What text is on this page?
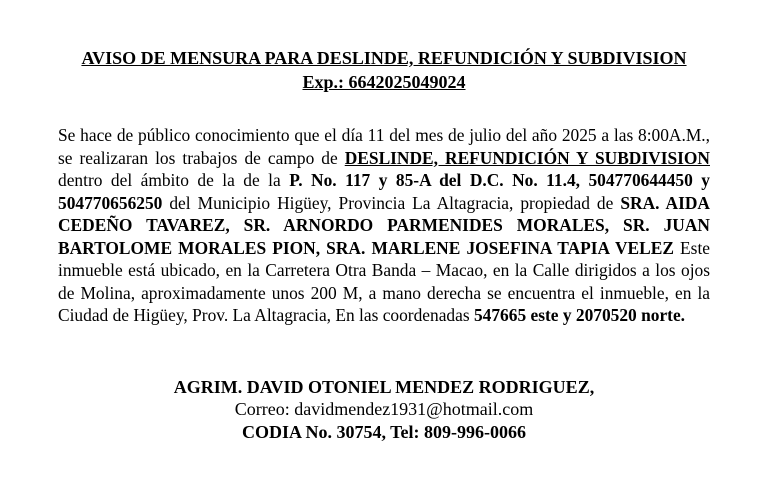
AVISO DE MENSURA PARA DESLINDE, REFUNDICIÓN Y SUBDIVISION
Exp.: 6642025049024
Se hace de público conocimiento que el día 11 del mes de julio del año 2025 a las 8:00A.M., se realizaran los trabajos de campo de DESLINDE, REFUNDICIÓN Y SUBDIVISION dentro del ámbito de la de la P. No. 117 y 85-A del D.C. No. 11.4, 504770644450 y 504770656250 del Municipio Higüey, Provincia La Altagracia, propiedad de SRA. AIDA CEDEÑO TAVAREZ, SR. ARNORDO PARMENIDES MORALES, SR. JUAN BARTOLOME MORALES PION, SRA. MARLENE JOSEFINA TAPIA VELEZ Este inmueble está ubicado, en la Carretera Otra Banda – Macao, en la Calle dirigidos a los ojos de Molina, aproximadamente unos 200 M, a mano derecha se encuentra el inmueble, en la Ciudad de Higüey, Prov. La Altagracia, En las coordenadas 547665 este y 2070520 norte.
AGRIM. DAVID OTONIEL MENDEZ RODRIGUEZ,
Correo: davidmendez1931@hotmail.com
CODIA No. 30754, Tel: 809-996-0066
